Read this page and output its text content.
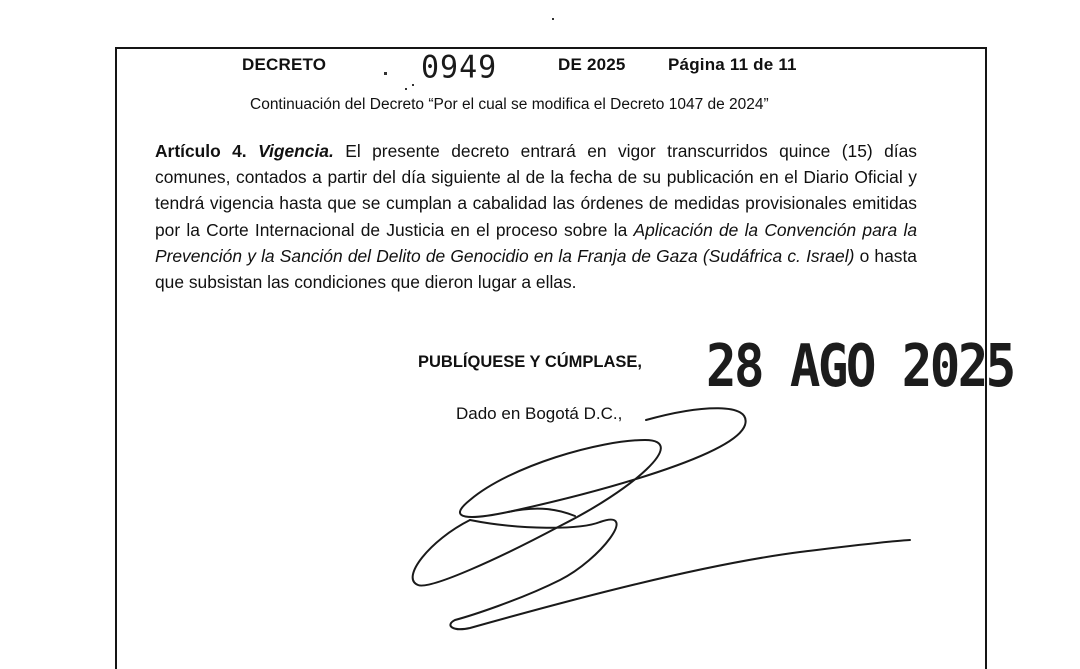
DECRETO	0949	DE 2025 Página 11 de 11
Continuación del Decreto “Por el cual se modifica el Decreto 1047 de 2024”
Artículo 4. Vigencia. El presente decreto entrará en vigor transcurridos quince (15) días comunes, contados a partir del día siguiente al de la fecha de su publicación en el Diario Oficial y tendrá vigencia hasta que se cumplan a cabalidad las órdenes de medidas provisionales emitidas por la Corte Internacional de Justicia en el proceso sobre la Aplicación de la Convención para la Prevención y la Sanción del Delito de Genocidio en la Franja de Gaza (Sudáfrica c. Israel) o hasta que subsistan las condiciones que dieron lugar a ellas.
PUBLÍQUESE Y CÚMPLASE, 28 AGO 2025
Dado en Bogotá D.C.,
